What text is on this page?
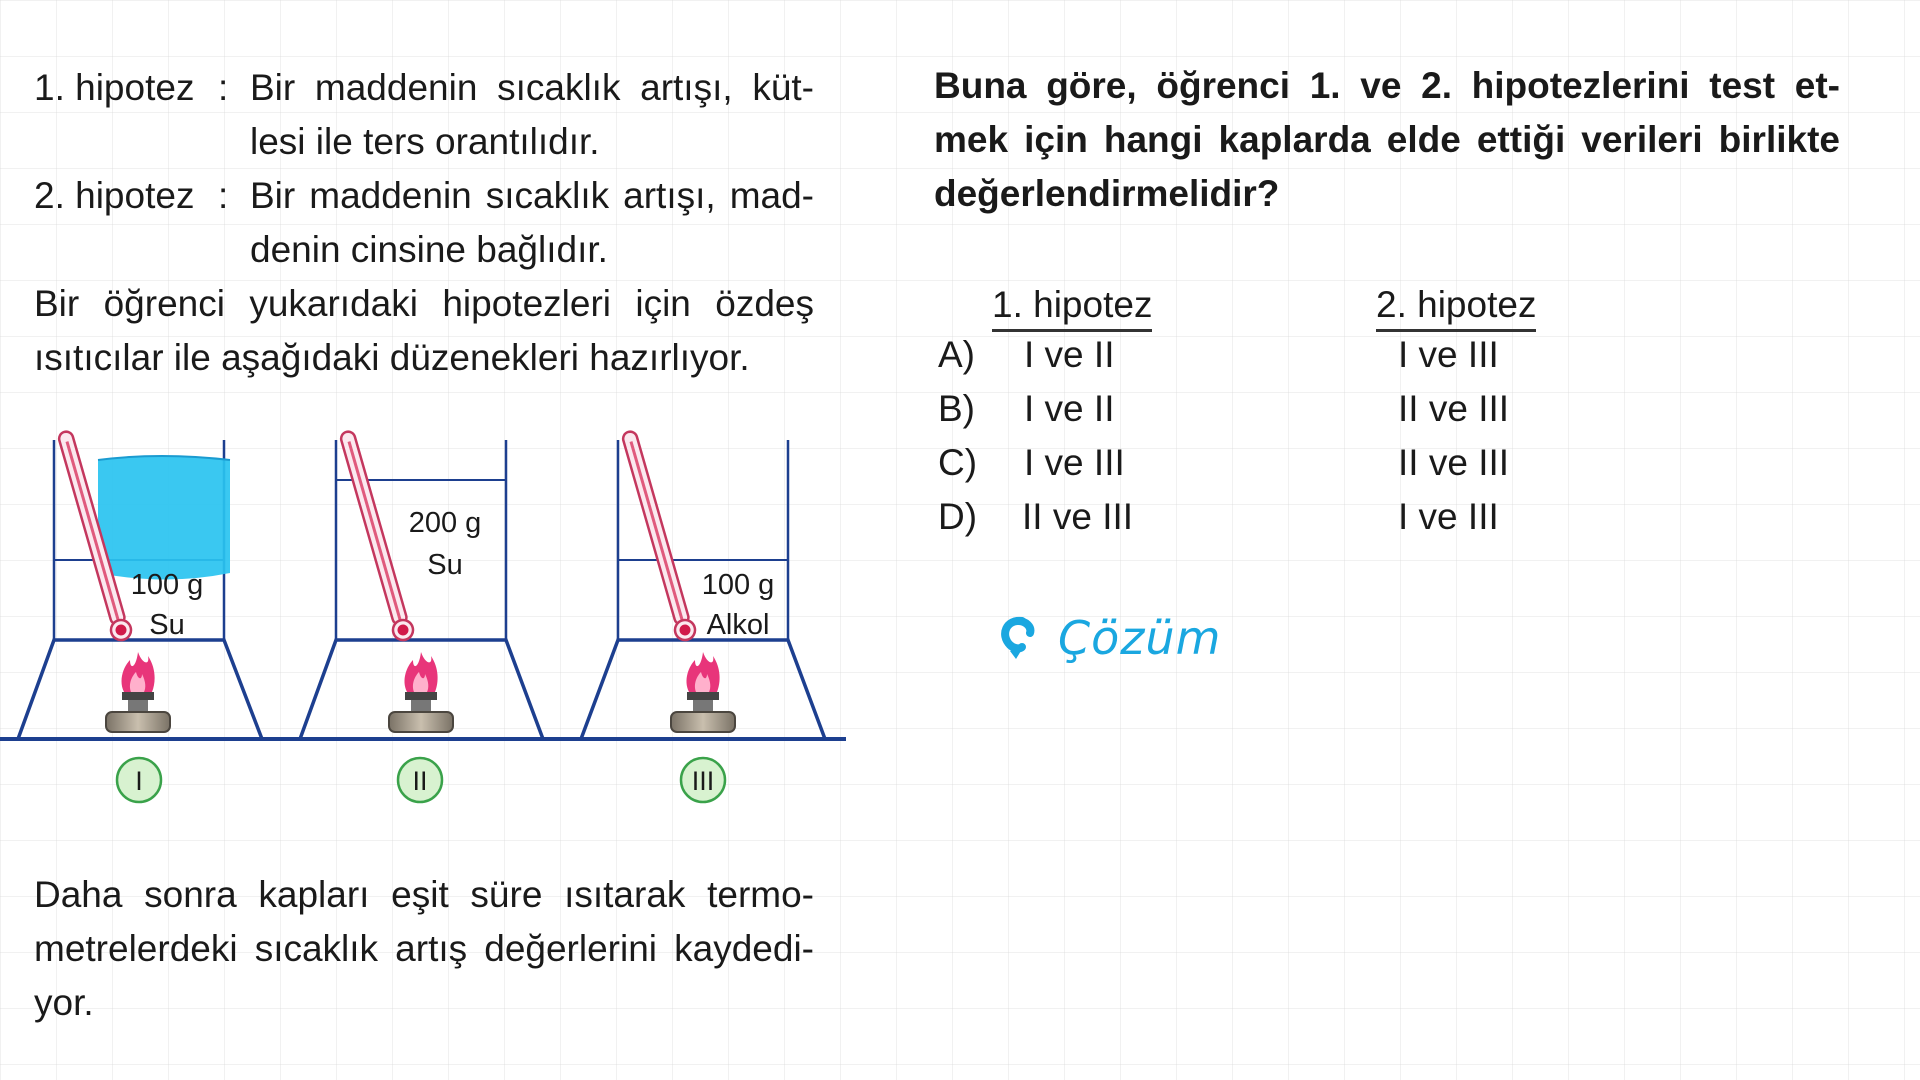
1. hipotez : Bir maddenin sıcaklık artışı, küt-
lesi ile ters orantılıdır.
2. hipotez : Bir maddenin sıcaklık artışı, mad-
denin cinsine bağlıdır.
Bir öğrenci yukarıdaki hipotezleri için özdeş
ısıtıcılar ile aşağıdaki düzenekleri hazırlıyor.
100 g
Su
200 g
Su
100 g
Alkol
I	II	III
Daha sonra kapları eşit süre ısıtarak termo-
metrelerdeki sıcaklık artış değerlerini kaydedi-
yor.
Buna göre, öğrenci 1. ve 2. hipotezlerini test et-
mek için hangi kaplarda elde ettiği verileri birlikte
değerlendirmelidir?
1. hipotez	2. hipotez
A) I ve II	I ve III
B) I ve II	II ve III
C) I ve III	II ve III
D) II ve III	I ve III
Çözüm
